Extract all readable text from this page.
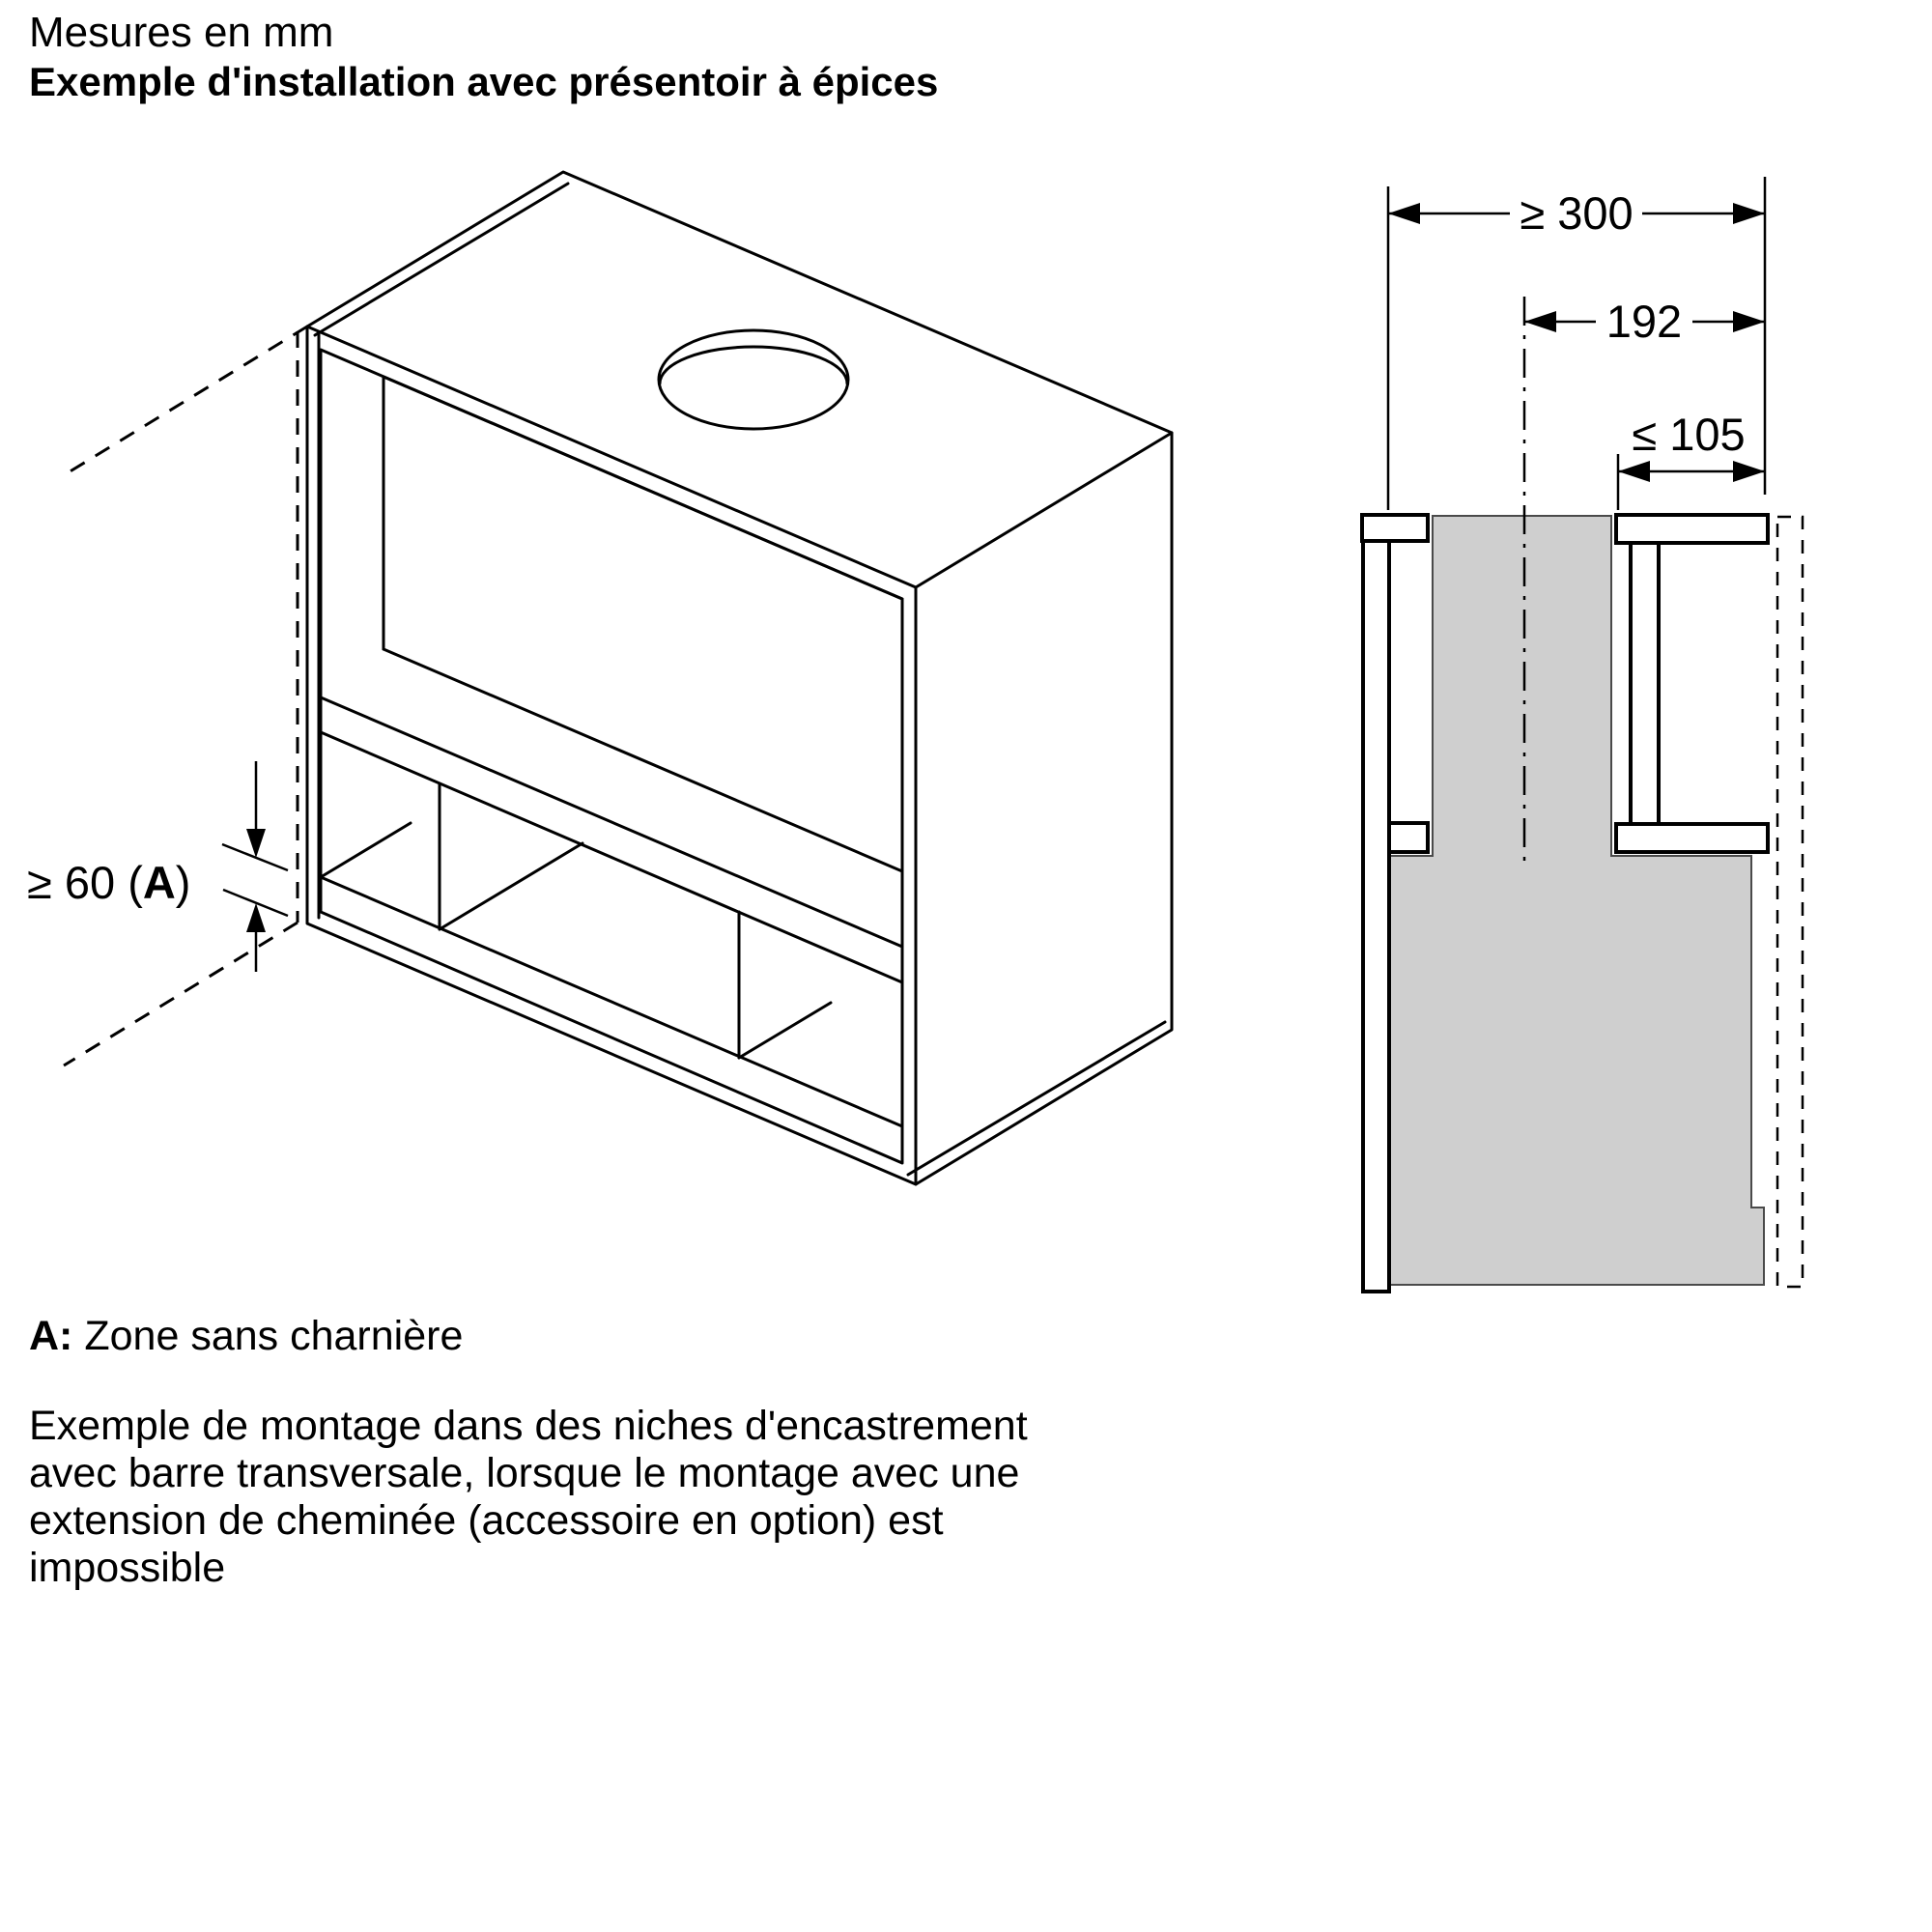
≥ 60 (A)
≥ 300
192
≤ 105
Mesures en mm
Exemple d'installation avec présentoir à épices
A: Zone sans charnière
Exemple de montage dans des niches d'encastrement
avec barre transversale, lorsque le montage avec une
extension de cheminée (accessoire en option) est
impossible
